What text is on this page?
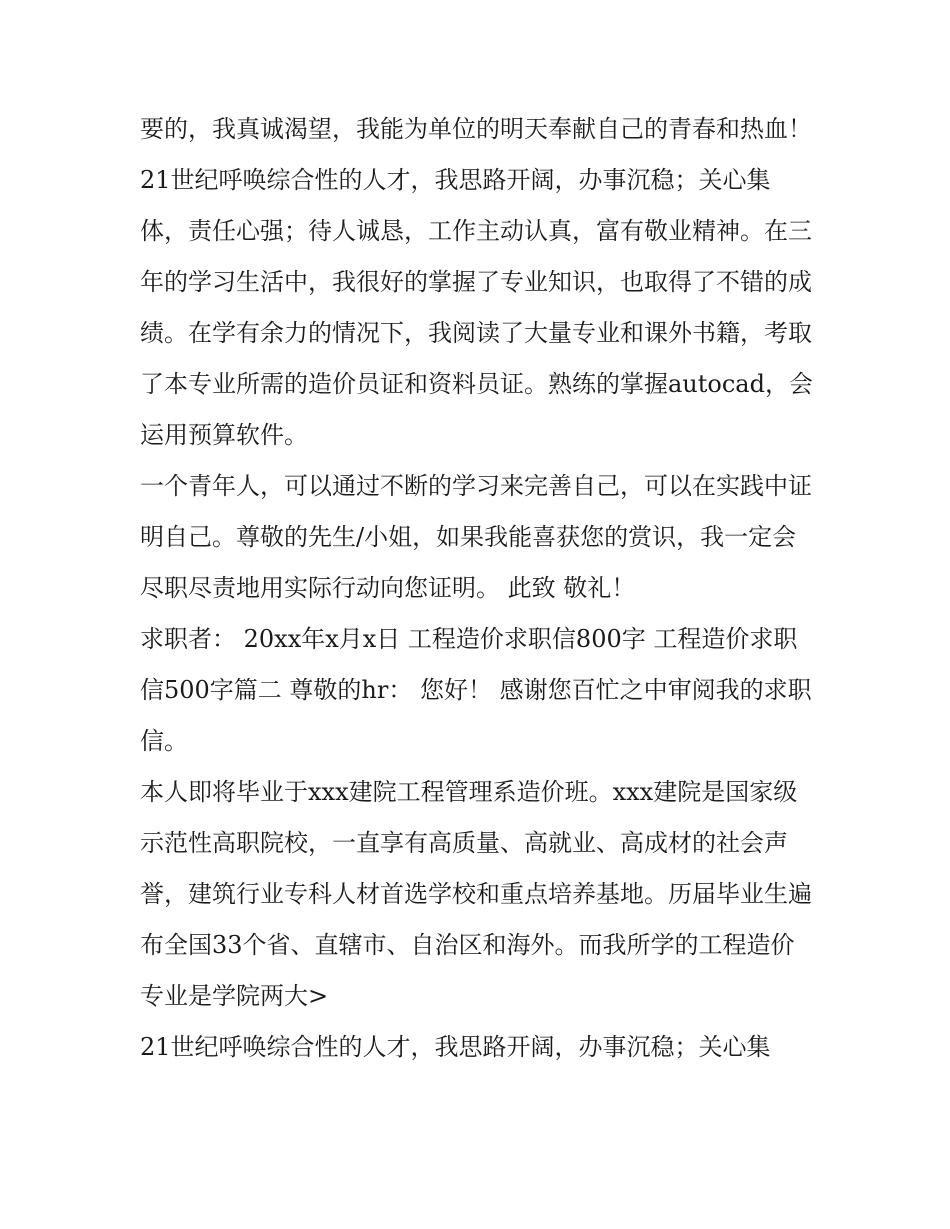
要的，我真诚渴望，我能为单位的明天奉献自己的青春和热血！

21世纪呼唤综合性的人才，我思路开阔，办事沉稳；关心集体，责任心强；待人诚恳，工作主动认真，富有敬业精神。在三年的学习生活中，我很好的掌握了专业知识，也取得了不错的成绩。在学有余力的情况下，我阅读了大量专业和课外书籍，考取了本专业所需的造价员证和资料员证。熟练的掌握autocad，会运用预算软件。

一个青年人，可以通过不断的学习来完善自己，可以在实践中证明自己。尊敬的先生/小姐，如果我能喜获您的赏识，我一定会尽职尽责地用实际行动向您证明。 此致 敬礼！

求职者： 20xx年x月x日 工程造价求职信800字 工程造价求职信500字篇二 尊敬的hr： 您好！ 感谢您百忙之中审阅我的求职信。

本人即将毕业于xxx建院工程管理系造价班。xxx建院是国家级示范性高职院校，一直享有高质量、高就业、高成材的社会声誉，建筑行业专科人材首选学校和重点培养基地。历届毕业生遍布全国33个省、直辖市、自治区和海外。而我所学的工程造价专业是学院两大>

21世纪呼唤综合性的人才，我思路开阔，办事沉稳；关心集
